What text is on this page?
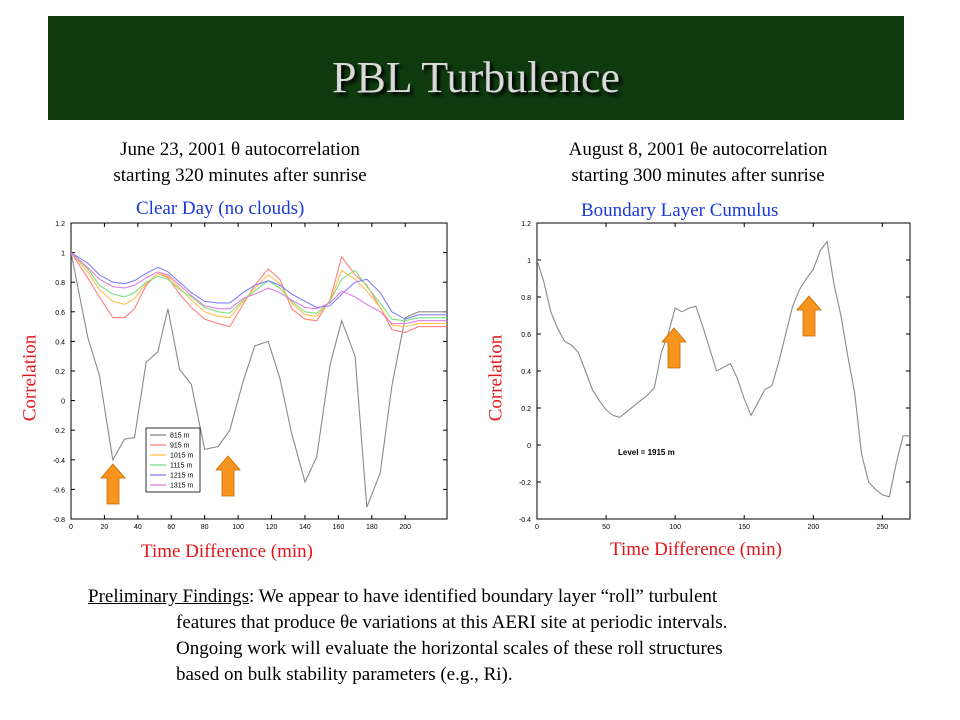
PBL Turbulence
June 23, 2001 θ autocorrelation
starting 320 minutes after sunrise
August 8, 2001 θe autocorrelation
starting 300 minutes after sunrise
Clear Day (no clouds)	Boundary Layer Cumulus
Correlation	Correlation
Time Difference (min)	Time Difference (min)
1.2
1
0.8
0.6
0.4
0.2
0
0.2
-0.4
-0.6
-0.8
0	20	40	60	80	100	120	140	160	180	200
815 m
915 m
1015 m
1115 m
1215 m
1315 m
1.2
1
0.8
0.6
0.4
0.2
0
-0.2
-0.4
0	50	100	150	200	250
Level = 1915 m
Preliminary Findings: We appear to have identified boundary layer “roll” turbulent
features that produce θe variations at this AERI site at periodic intervals.
Ongoing work will evaluate the horizontal scales of these roll structures
based on bulk stability parameters (e.g., Ri).
